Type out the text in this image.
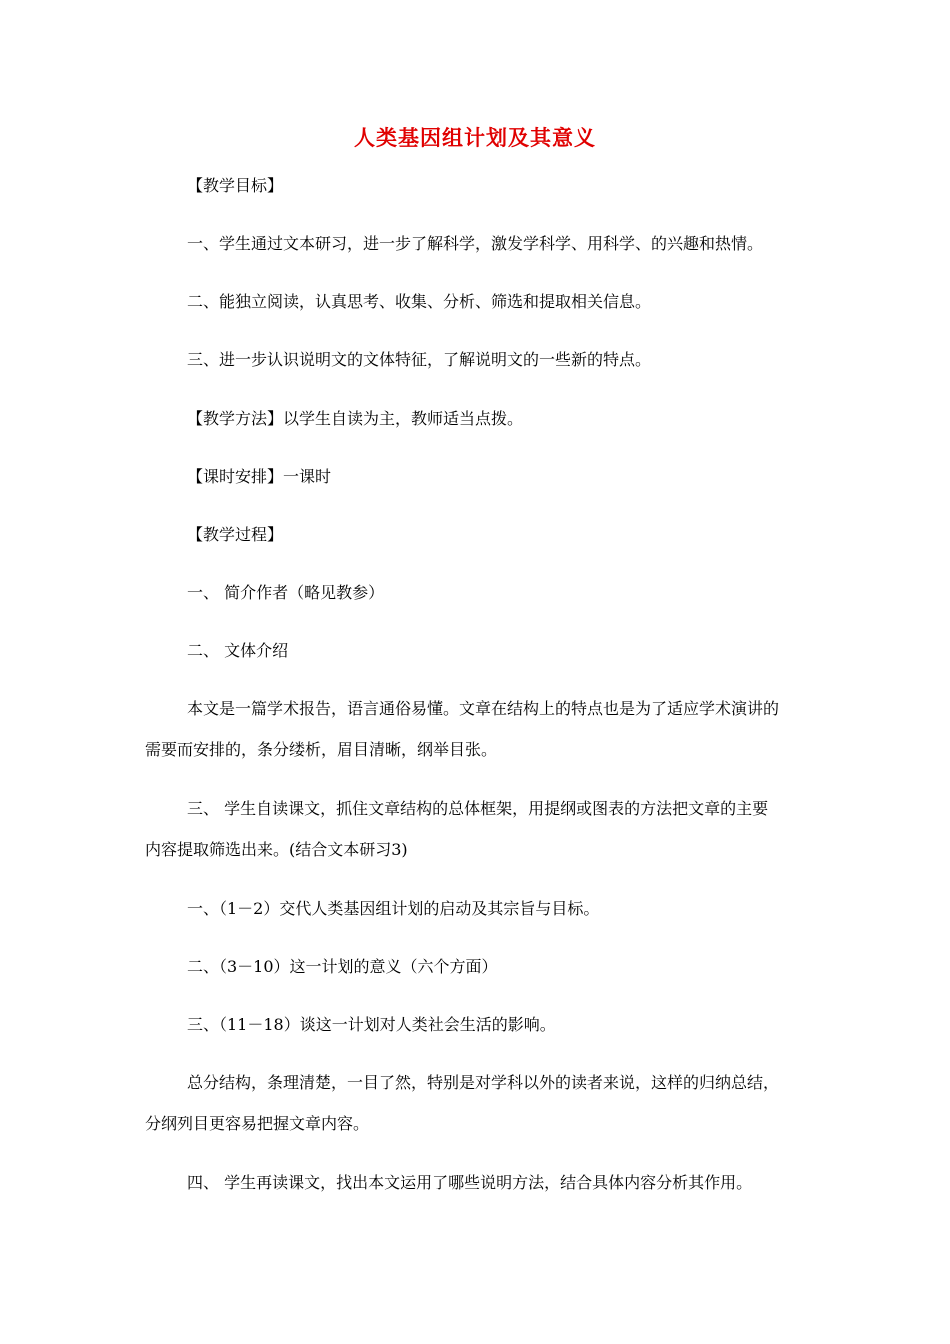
人类基因组计划及其意义
【教学目标】
一、学生通过文本研习，进一步了解科学，激发学科学、用科学、的兴趣和热情。
二、能独立阅读，认真思考、收集、分析、筛选和提取相关信息。
三、进一步认识说明文的文体特征，了解说明文的一些新的特点。
【教学方法】以学生自读为主，教师适当点拨。
【课时安排】一课时
【教学过程】
一、 简介作者（略见教参）
二、 文体介绍
本文是一篇学术报告，语言通俗易懂。文章在结构上的特点也是为了适应学术演讲的
需要而安排的，条分缕析，眉目清晰，纲举目张。
三、 学生自读课文，抓住文章结构的总体框架，用提纲或图表的方法把文章的主要
内容提取筛选出来。(结合文本研习3)
一、（1－2）交代人类基因组计划的启动及其宗旨与目标。
二、（3－10）这一计划的意义（六个方面）
三、（11－18）谈这一计划对人类社会生活的影响。
总分结构，条理清楚，一目了然，特别是对学科以外的读者来说，这样的归纳总结，
分纲列目更容易把握文章内容。
四、 学生再读课文，找出本文运用了哪些说明方法，结合具体内容分析其作用。
